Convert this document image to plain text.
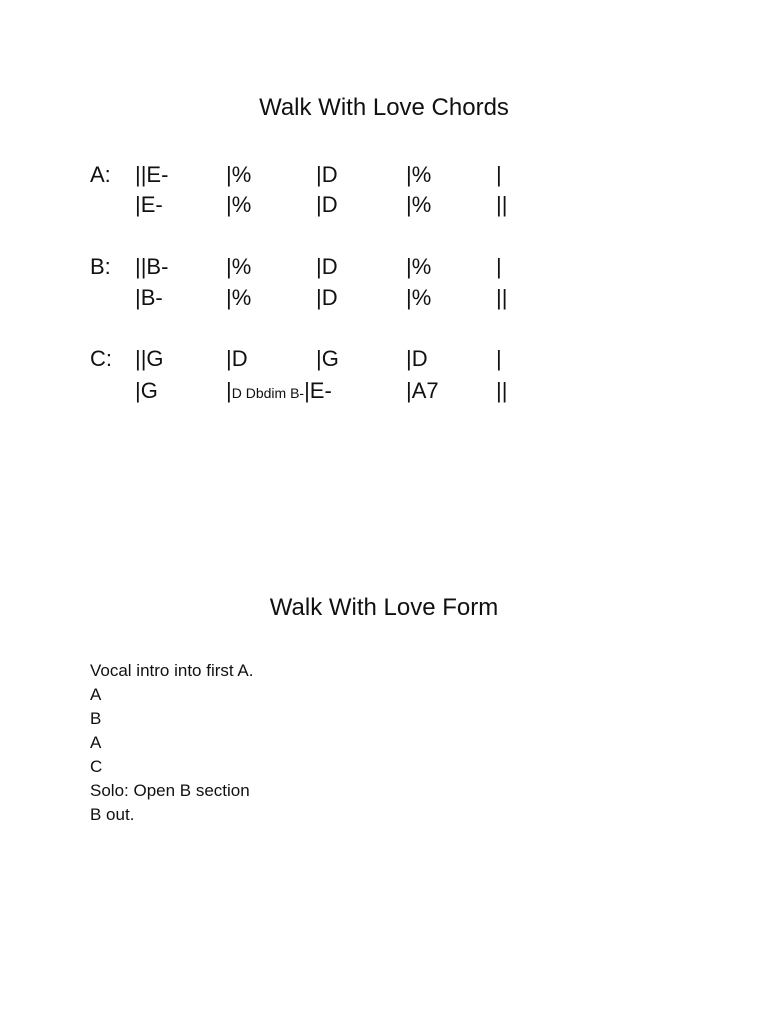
Walk With Love Chords
A: ||E-	|%	|D	|%	|
|E-	|%	|D	|%	||
B: ||B-	|%	|D	|%	|
|B-	|%	|D	|%	||
C: ||G	|D	|G	|D	|
|G	|D Dbdim B-|E-	|A7	||
Walk With Love Form
Vocal intro into first A.
A
B
A
C
Solo: Open B section
B out.
